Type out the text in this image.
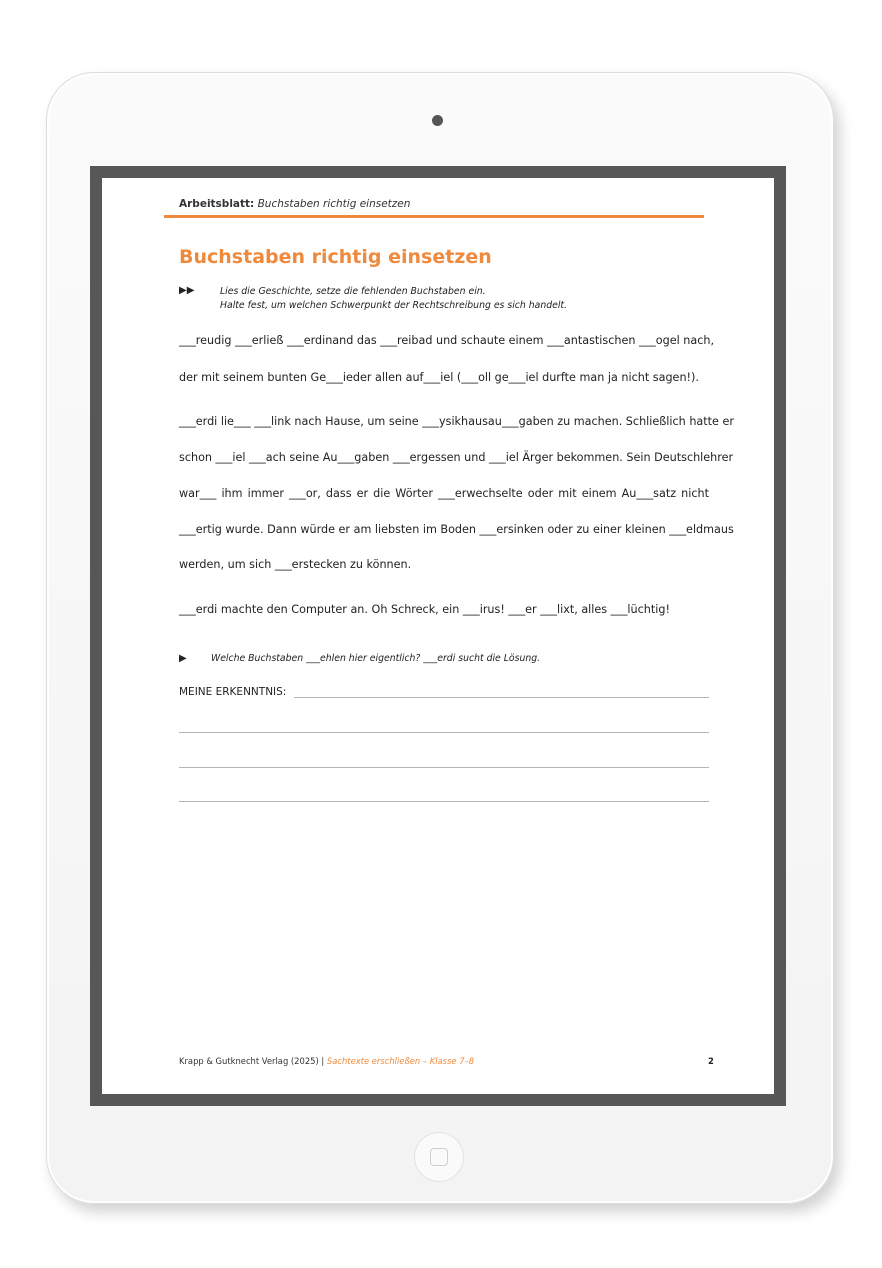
Arbeitsblatt: Buchstaben richtig einsetzen
Buchstaben richtig einsetzen
▶▶	Lies die Geschichte, setze die fehlenden Buchstaben ein.
Halte fest, um welchen Schwerpunkt der Rechtschreibung es sich handelt.
___reudig ___erließ ___erdinand das ___reibad und schaute einem ___antastischen ___ogel nach,
der mit seinem bunten Ge___ieder allen auf___iel (___oll ge___iel durfte man ja nicht sagen!).
___erdi lie___ ___link nach Hause, um seine ___ysikhausau___gaben zu machen. Schließlich hatte er
schon ___iel ___ach seine Au___gaben ___ergessen und ___iel Ärger bekommen. Sein Deutschlehrer
war___ ihm immer ___or, dass er die Wörter ___erwechselte oder mit einem Au___satz nicht
___ertig wurde. Dann würde er am liebsten im Boden ___ersinken oder zu einer kleinen ___eldmaus
werden, um sich ___erstecken zu können.
___erdi machte den Computer an. Oh Schreck, ein ___irus! ___er ___lixt, alles ___lüchtig!
▶	Welche Buchstaben ___ehlen hier eigentlich? ___erdi sucht die Lösung.
MEINE ERKENNTNIS:
Krapp & Gutknecht Verlag (2025) | Sachtexte erschließen – Klasse 7–8	2
